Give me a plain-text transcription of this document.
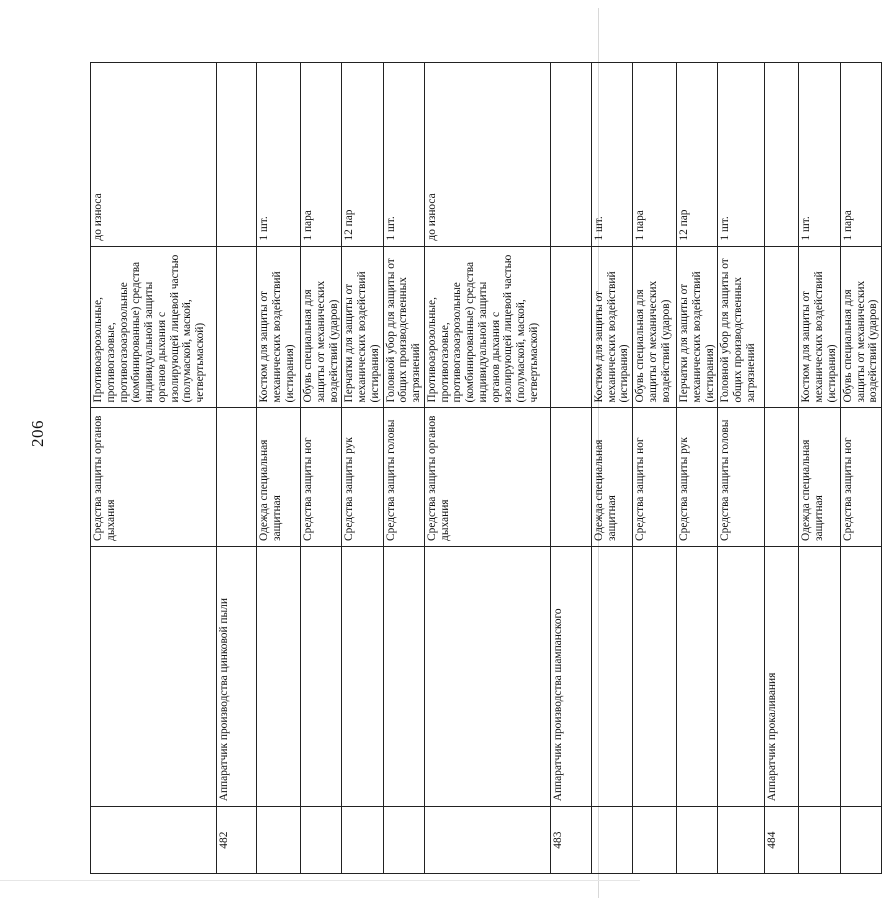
206
			Средства защиты органов дыхания	Противоаэрозольные, противогазовые, противогазоаэрозольные (комбинированные) средства индивидуальной защиты органов дыхания с изолирующей лицевой частью (полумаской, маской, четвертьмаской)	до износа
482	Аппаратчик производства цинковой пыли			
		Одежда специальная защитная	Костюм для защиты от механических воздействий (истирания)	1 шт.
		Средства защиты ног	Обувь специальная для защиты от механических воздействий (ударов)	1 пара
		Средства защиты рук	Перчатки для защиты от механических воздействий (истирания)	12 пар
		Средства защиты головы	Головной убор для защиты от общих производственных загрязнений	1 шт.
		Средства защиты органов дыхания	Противоаэрозольные, противогазовые, противогазоаэрозольные (комбинированные) средства индивидуальной защиты органов дыхания с изолирующей лицевой частью (полумаской, маской, четвертьмаской)	до износа
483	Аппаратчик производства шампанского			
		Одежда специальная защитная	Костюм для защиты от механических воздействий (истирания)	1 шт.
		Средства защиты ног	Обувь специальная для защиты от механических воздействий (ударов)	1 пара
		Средства защиты рук	Перчатки для защиты от механических воздействий (истирания)	12 пар
		Средства защиты головы	Головной убор для защиты от общих производственных загрязнений	1 шт.
484	Аппаратчик прокаливания			
		Одежда специальная защитная	Костюм для защиты от механических воздействий (истирания)	1 шт.
		Средства защиты ног	Обувь специальная для защиты от механических воздействий (ударов)	1 пара
